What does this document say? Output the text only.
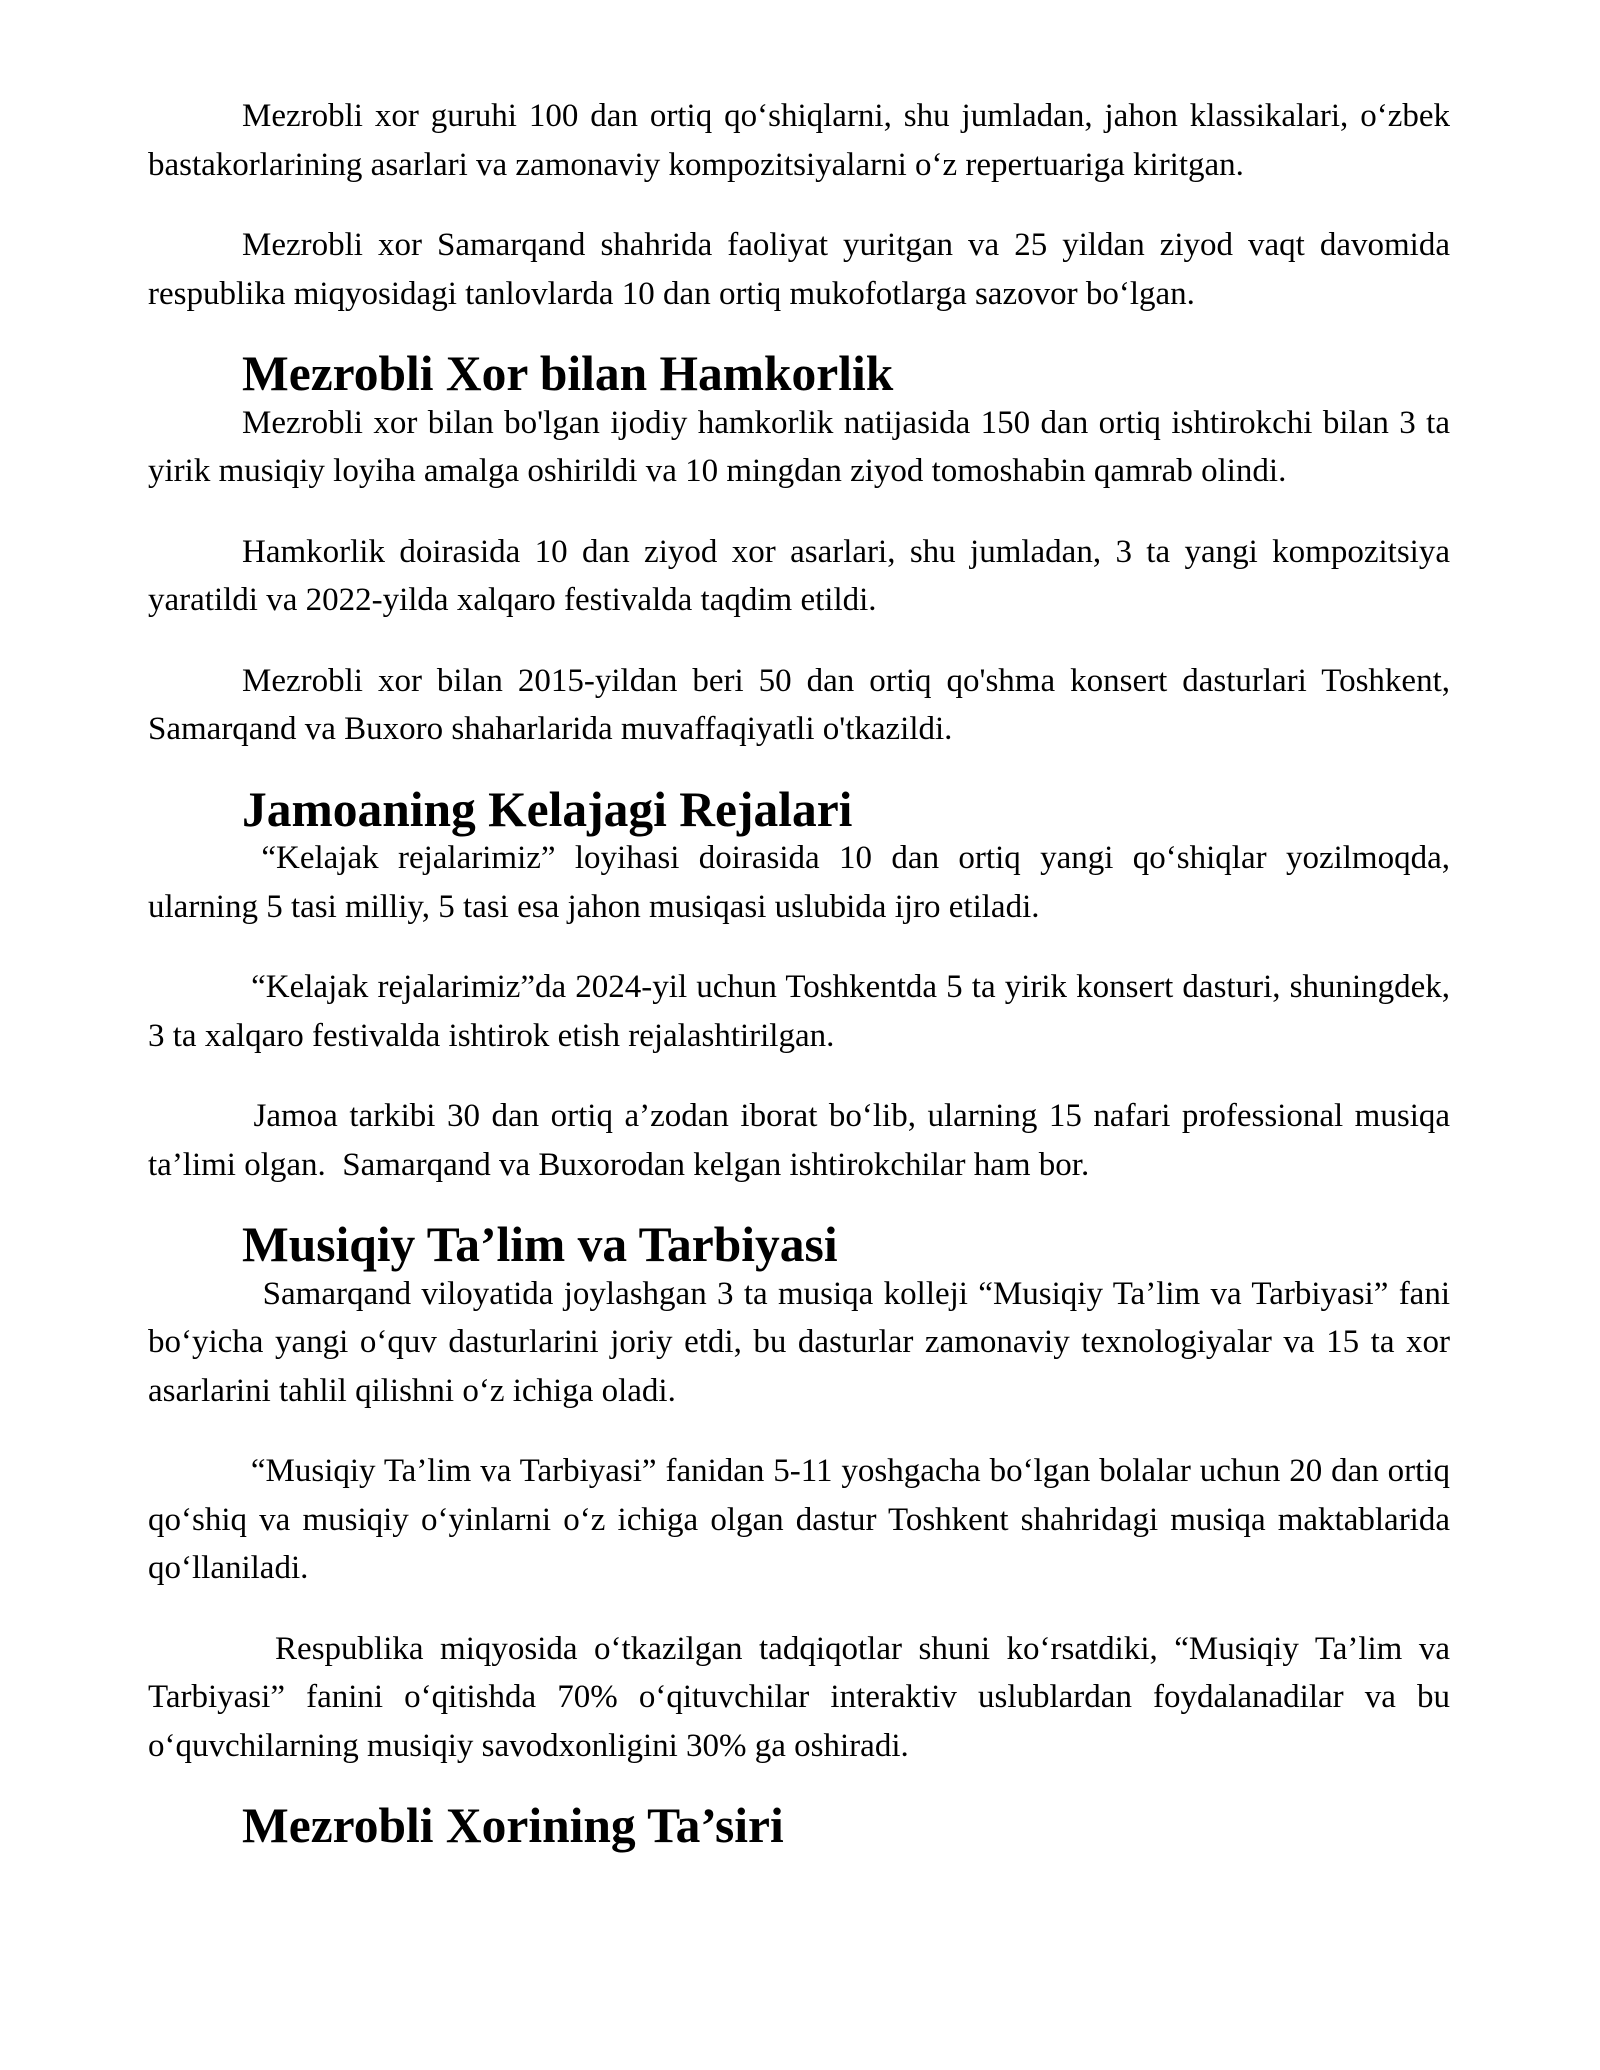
Mezrobli xor guruhi 100 dan ortiq qo‘shiqlarni, shu jumladan, jahon klassikalari, o‘zbek bastakorlarining asarlari va zamonaviy kompozitsiyalarni o‘z repertuariga kiritgan.

Mezrobli xor Samarqand shahrida faoliyat yuritgan va 25 yildan ziyod vaqt davomida respublika miqyosidagi tanlovlarda 10 dan ortiq mukofotlarga sazovor bo‘lgan.

Mezrobli Xor bilan Hamkorlik

Mezrobli xor bilan bo'lgan ijodiy hamkorlik natijasida 150 dan ortiq ishtirokchi bilan 3 ta yirik musiqiy loyiha amalga oshirildi va 10 mingdan ziyod tomoshabin qamrab olindi.

Hamkorlik doirasida 10 dan ziyod xor asarlari, shu jumladan, 3 ta yangi kompozitsiya yaratildi va 2022-yilda xalqaro festivalda taqdim etildi.

Mezrobli xor bilan 2015-yildan beri 50 dan ortiq qo'shma konsert dasturlari Toshkent, Samarqand va Buxoro shaharlarida muvaffaqiyatli o'tkazildi.

Jamoaning Kelajagi Rejalari

“Kelajak rejalarimiz” loyihasi doirasida 10 dan ortiq yangi qo‘shiqlar yozilmoqda, ularning 5 tasi milliy, 5 tasi esa jahon musiqasi uslubida ijro etiladi.

“Kelajak rejalarimiz”da 2024-yil uchun Toshkentda 5 ta yirik konsert dasturi, shuningdek, 3 ta xalqaro festivalda ishtirok etish rejalashtirilgan.

Jamoa tarkibi 30 dan ortiq a’zodan iborat bo‘lib, ularning 15 nafari professional musiqa ta’limi olgan.  Samarqand va Buxorodan kelgan ishtirokchilar ham bor.

Musiqiy Ta’lim va Tarbiyasi

Samarqand viloyatida joylashgan 3 ta musiqa kolleji “Musiqiy Ta’lim va Tarbiyasi” fani bo‘yicha yangi o‘quv dasturlarini joriy etdi, bu dasturlar zamonaviy texnologiyalar va 15 ta xor asarlarini tahlil qilishni o‘z ichiga oladi.

“Musiqiy Ta’lim va Tarbiyasi” fanidan 5-11 yoshgacha bo‘lgan bolalar uchun 20 dan ortiq qo‘shiq va musiqiy o‘yinlarni o‘z ichiga olgan dastur Toshkent shahridagi musiqa maktablarida qo‘llaniladi.

Respublika miqyosida o‘tkazilgan tadqiqotlar shuni ko‘rsatdiki, “Musiqiy Ta’lim va Tarbiyasi” fanini o‘qitishda 70% o‘qituvchilar interaktiv uslublardan foydalanadilar va bu o‘quvchilarning musiqiy savodxonligini 30% ga oshiradi.

Mezrobli Xorining Ta’siri
